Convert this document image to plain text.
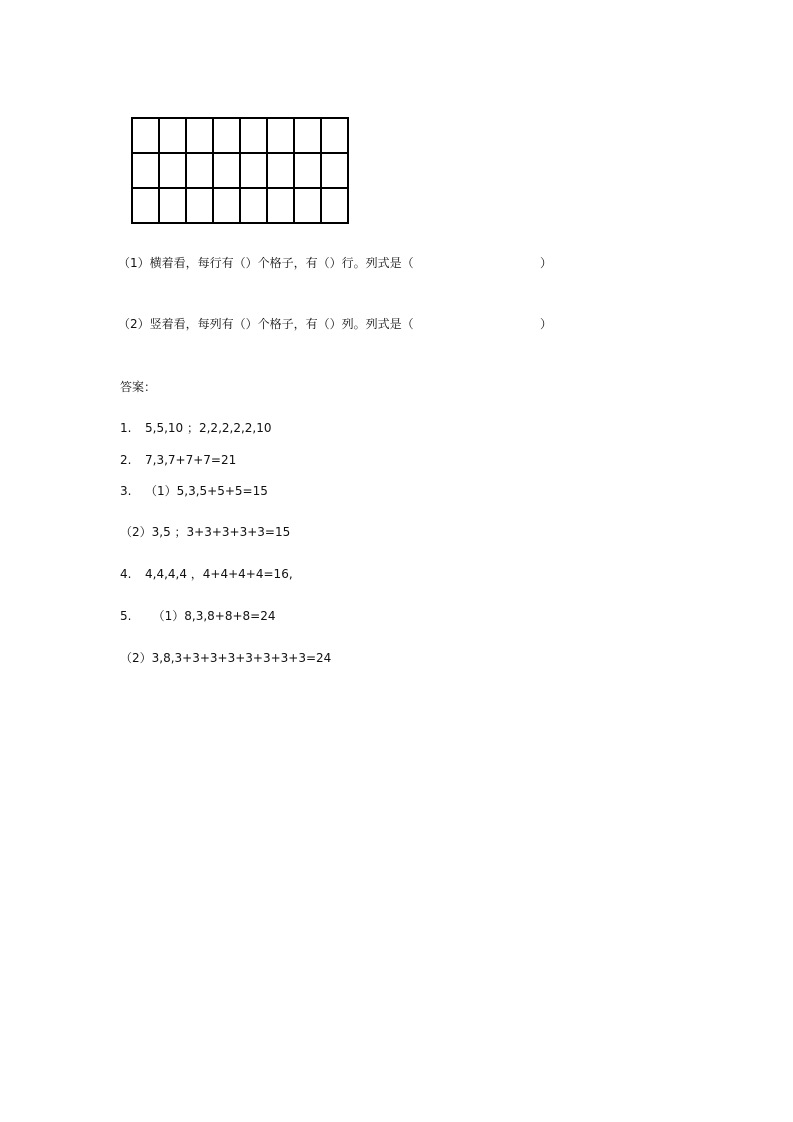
（1）横着看，每行有（）个格子，有（）行。列式是（	）
（2）竖着看，每列有（）个格子，有（）列。列式是（	）
答案：
1. 5,5,10 ；2,2,2,2,2,10
2. 7,3,7+7+7=21
3. （1）5,3,5+5+5=15
（2）3,5 ；3+3+3+3+3=15
4. 4,4,4,4 ，4+4+4+4=16,
5.  （1）8,3,8+8+8=24
（2）3,8,3+3+3+3+3+3+3+3=24
